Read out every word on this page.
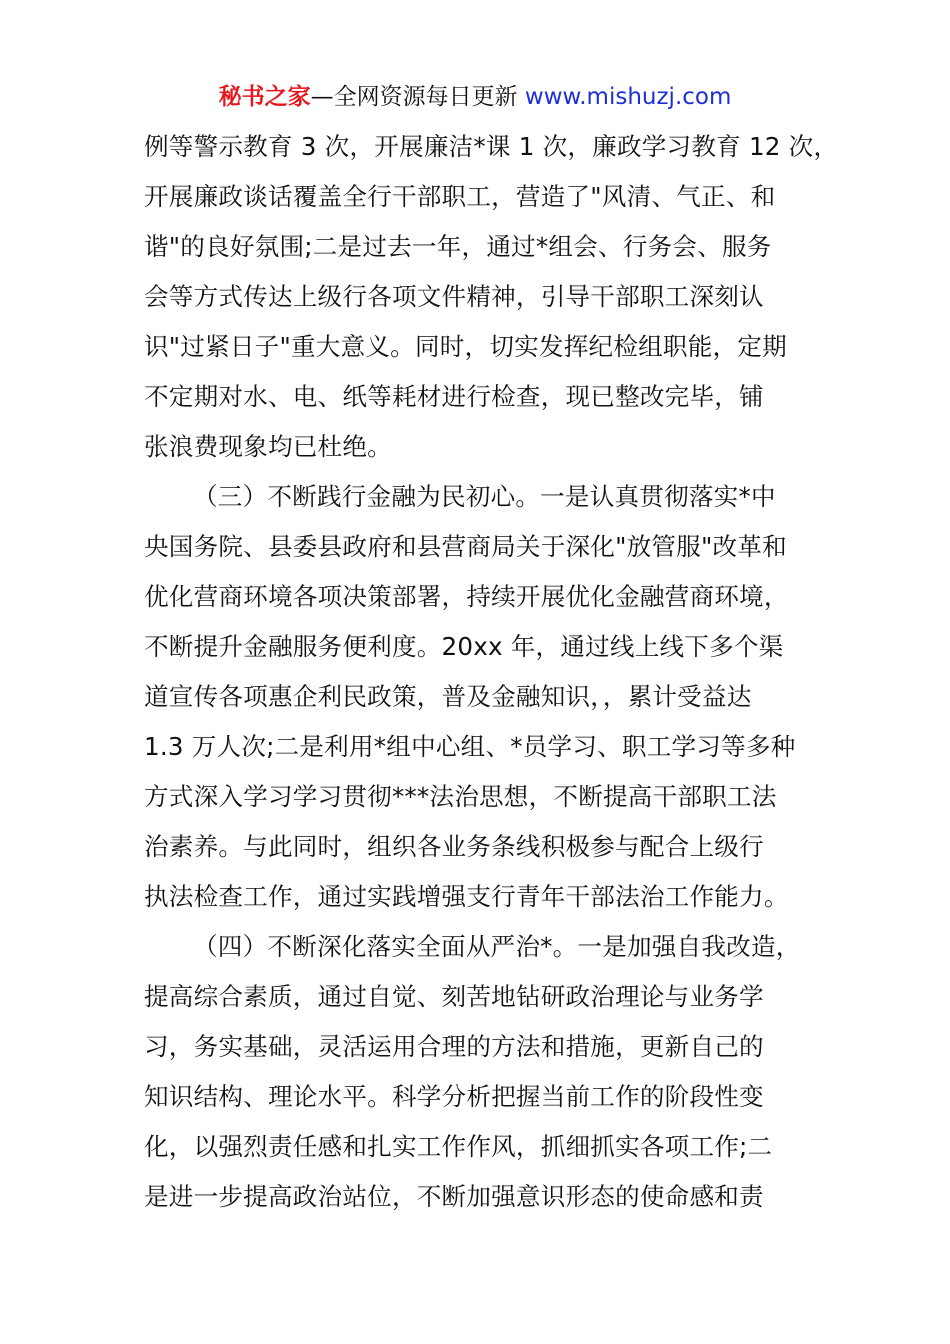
秘书之家—全网资源每日更新 www.mishuzj.com
例等警示教育 3 次，开展廉洁*课 1 次，廉政学习教育 12 次，
开展廉政谈话覆盖全行干部职工，营造了"风清、气正、和
谐"的良好氛围;二是过去一年，通过*组会、行务会、服务
会等方式传达上级行各项文件精神，引导干部职工深刻认
识"过紧日子"重大意义。同时，切实发挥纪检组职能，定期
不定期对水、电、纸等耗材进行检查，现已整改完毕，铺
张浪费现象均已杜绝。
（三）不断践行金融为民初心。一是认真贯彻落实*中
央国务院、县委县政府和县营商局关于深化"放管服"改革和
优化营商环境各项决策部署，持续开展优化金融营商环境，
不断提升金融服务便利度。20xx 年，通过线上线下多个渠
道宣传各项惠企利民政策，普及金融知识，，累计受益达
1.3 万人次;二是利用*组中心组、*员学习、职工学习等多种
方式深入学习学习贯彻***法治思想，不断提高干部职工法
治素养。与此同时，组织各业务条线积极参与配合上级行
执法检查工作，通过实践增强支行青年干部法治工作能力。
（四）不断深化落实全面从严治*。一是加强自我改造，
提高综合素质，通过自觉、刻苦地钻研政治理论与业务学
习，务实基础，灵活运用合理的方法和措施，更新自己的
知识结构、理论水平。科学分析把握当前工作的阶段性变
化，以强烈责任感和扎实工作作风，抓细抓实各项工作;二
是进一步提高政治站位，不断加强意识形态的使命感和责
